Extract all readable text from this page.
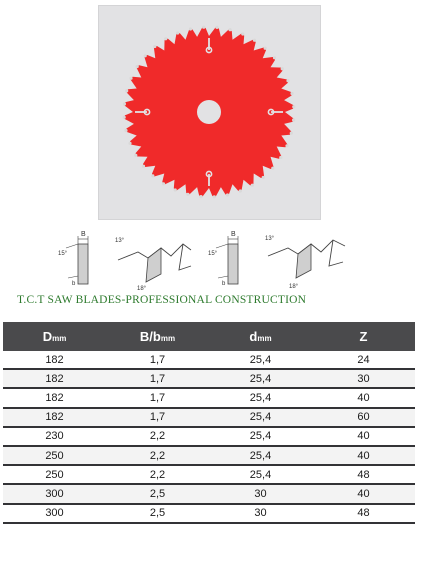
B
15°
b
13°
18°
B
15°
b
13°
18°
T.C.T SAW BLADES-PROFESSIONAL CONSTRUCTION
Dmm	B/bmm	dmm	Z
182	1,7	25,4	24
182	1,7	25,4	30
182	1,7	25,4	40
182	1,7	25,4	60
230	2,2	25,4	40
250	2,2	25,4	40
250	2,2	25,4	48
300	2,5	30	40
300	2,5	30	48
